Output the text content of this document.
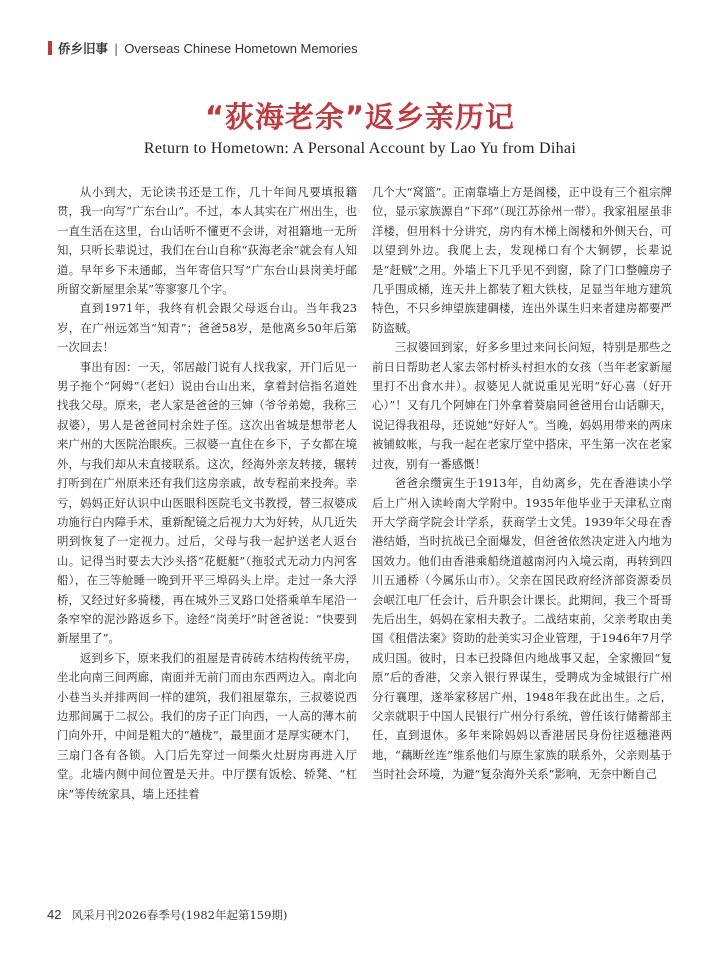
侨乡旧事 | Overseas Chinese Hometown Memories
“荻海老余”返乡亲历记
Return to Hometown: A Personal Account by Lao Yu from Dihai

从小到大，无论读书还是工作，几十年间凡要填报籍贯，我一向写“广东台山”。不过，本人其实在广州出生，也一直生活在这里，台山话听不懂更不会讲，对祖籍地一无所知，只听长辈说过，我们在台山自称“荻海老余”就会有人知道。早年乡下未通邮，当年寄信只写“广东台山县岗美圩邮所留交新屋里余某”等寥寥几个字。

直到1971年，我终有机会跟父母返台山。当年我23岁，在广州远郊当“知青”；爸爸58岁，是他离乡50年后第一次回去！

事出有因：一天，邻居敲门说有人找我家，开门后见一男子拖个“阿姆”（老妇）说由台山出来，拿着封信指名道姓找我父母。原来，老人家是爸爸的三婶（爷爷弟媳，我称三叔婆），男人是爸爸同村余姓子侄。这次出省城是想带老人来广州的大医院治眼疾。三叔婆一直住在乡下，子女都在境外，与我们却从未直接联系。这次，经海外亲友转接，辗转打听到在广州原来还有我们这房亲戚，故专程前来投奔。幸亏，妈妈正好认识中山医眼科医院毛文书教授，替三叔婆成功施行白内障手术，重新配镜之后视力大为好转，从几近失明到恢复了一定视力。过后，父母与我一起护送老人返台山。记得当时要去大沙头搭“花艇艇”（拖驳式无动力内河客船），在三等舱睡一晚到开平三埠码头上岸。走过一条大浮桥，又经过好多骑楼，再在城外三叉路口处搭乘单车尾沿一条窄窄的泥沙路返乡下。途经“岗美圩”时爸爸说：“快要到新屋里了”。

返到乡下，原来我们的祖屋是青砖砖木结构传统平房，坐北向南三间两廊，南面并无前门而由东西两边入。南北向小巷当头并排两间一样的建筑，我们祖屋靠东，三叔婆说西边那间属于二叔公。我们的房子正门向西，一人高的薄木前门向外开，中间是粗大的“趟栊”，最里面才是厚实硬木门，三扇门各有各锁。入门后先穿过一间柴火灶厨房再进入厅堂。北墙内侧中间位置是天井。中厅摆有饭桧、轿凳、“杠床”等传统家具，墙上还挂着

几个大“窝篮”。正南靠墙上方是阁楼，正中设有三个祖宗牌位，显示家族源自“下邳”（现江苏徐州一带）。我家祖屋虽非洋楼，但用料十分讲究，房内有木梯上阁楼和外侧天台，可以望到外边。我爬上去，发现梯口有个大铜锣，长辈说是“赶贼”之用。外墙上下几乎见不到窗，除了门口整幢房子几乎围成桶，连天井上都装了粗大铁枝，足显当年地方建筑特色，不只乡绅望族建碉楼，连出外谋生归来者建房都要严防盗贼。

三叔婆回到家，好多乡里过来问长问短，特别是那些之前日日帮助老人家去邻村桥头村担水的女孩（当年老家新屋里打不出食水井）。叔婆见人就说重见光明“好心喜（好开心）”！又有几个阿婶在门外拿着葵扇同爸爸用台山话聊天，说记得我祖母，还说她“好好人”。当晚，妈妈用带来的两床被铺蚊帐，与我一起在老家厅堂中搭床，平生第一次在老家过夜，别有一番感慨！

爸爸余缵寅生于1913年，自幼离乡，先在香港读小学后上广州入读岭南大学附中。1935年他毕业于天津私立南开大学商学院会计学系，获商学士文凭。1939年父母在香港结婚，当时抗战已全面爆发，但爸爸依然决定进入内地为国效力。他们由香港乘船绕道越南河内入境云南，再转到四川五通桥（今属乐山市）。父亲在国民政府经济部资源委员会岷江电厂任会计，后升职会计课长。此期间，我三个哥哥先后出生，妈妈在家相夫教子。二战结束前，父亲考取由美国《租借法案》资助的赴美实习企业管理，于1946年7月学成归国。彼时，日本已投降但内地战事又起，全家搬回“复原”后的香港，父亲入银行界谋生，受聘成为金城银行广州分行襄理，遂举家移居广州，1948年我在此出生。之后，父亲就职于中国人民银行广州分行系统，曾任该行储蓄部主任，直到退休。多年来除妈妈以香港居民身份往返穗港两地，“藕断丝连”维系他们与原生家族的联系外，父亲则基于当时社会环境，为避“复杂海外关系”影响，无奈中断自己

42 风采月刊2026春季号(1982年起第159期)
